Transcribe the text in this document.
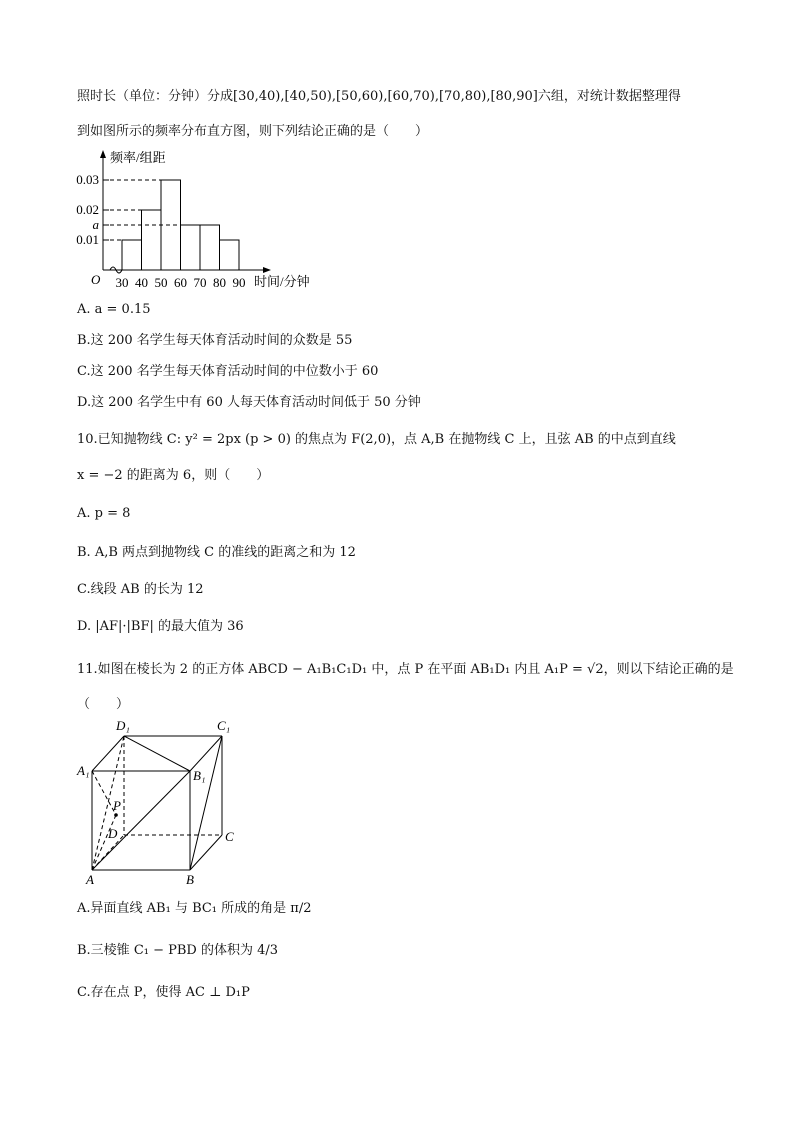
照时长（单位：分钟）分成[30,40),[40,50),[50,60),[60,70),[70,80),[80,90]六组，对统计数据整理得
到如图所示的频率分布直方图，则下列结论正确的是（　　）
频率/组距
时间/分钟
O
0.03
0.02
a
0.01
30 40 50 60 70 80 90
A. a = 0.15
B.这 200 名学生每天体育活动时间的众数是 55
C.这 200 名学生每天体育活动时间的中位数小于 60
D.这 200 名学生中有 60 人每天体育活动时间低于 50 分钟
10.已知抛物线 C: y² = 2px (p > 0) 的焦点为 F(2,0)，点 A,B 在抛物线 C 上，且弦 AB 的中点到直线
x = −2 的距离为 6，则（　　）
A. p = 8
B. A,B 两点到抛物线 C 的准线的距离之和为 12
C.线段 AB 的长为 12
D. |AF|·|BF| 的最大值为 36
11.如图在棱长为 2 的正方体 ABCD − A₁B₁C₁D₁ 中，点 P 在平面 AB₁D₁ 内且 A₁P = √2，则以下结论正确的是
（　　）
D₁	C₁
A₁	B₁
P
D	C
A	B
A.异面直线 AB₁ 与 BC₁ 所成的角是 π/2
B.三棱锥 C₁ − PBD 的体积为 4/3
C.存在点 P，使得 AC ⊥ D₁P
